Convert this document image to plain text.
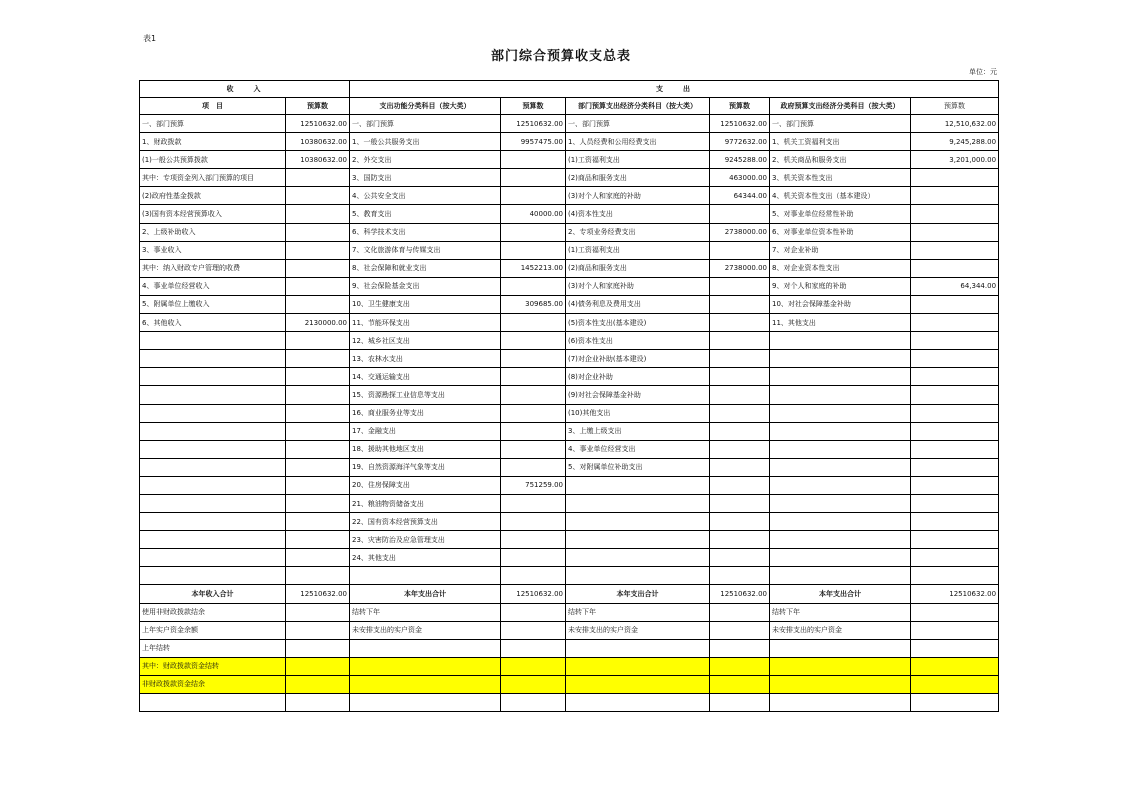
表1
部门综合预算收支总表
单位：元
收　　入		支　　出					
项　目	预算数	支出功能分类科目（按大类）	预算数	部门预算支出经济分类科目（按大类）	预算数	政府预算支出经济分类科目（按大类）	预算数
一、部门预算	12510632.00	一、部门预算	12510632.00	一、部门预算	12510632.00	一、部门预算	12,510,632.00
1、财政拨款	10380632.00	1、一般公共服务支出	9957475.00	1、人员经费和公用经费支出	9772632.00	1、机关工资福利支出	9,245,288.00
(1)一般公共预算拨款	10380632.00	2、外交支出		(1)工资福利支出	9245288.00	2、机关商品和服务支出	3,201,000.00
其中：专项资金列入部门预算的项目		3、国防支出		(2)商品和服务支出	463000.00	3、机关资本性支出	
(2)政府性基金拨款		4、公共安全支出		(3)对个人和家庭的补助	64344.00	4、机关资本性支出（基本建设）	
(3)国有资本经营预算收入		5、教育支出	40000.00	(4)资本性支出		5、对事业单位经常性补助	
2、上级补助收入		6、科学技术支出		2、专项业务经费支出	2738000.00	6、对事业单位资本性补助	
3、事业收入		7、文化旅游体育与传媒支出		(1)工资福利支出		7、对企业补助	
其中：纳入财政专户管理的收费		8、社会保障和就业支出	1452213.00	(2)商品和服务支出	2738000.00	8、对企业资本性支出	
4、事业单位经营收入		9、社会保险基金支出		(3)对个人和家庭补助		9、对个人和家庭的补助	64,344.00
5、附属单位上缴收入		10、卫生健康支出	309685.00	(4)债务利息及费用支出		10、对社会保障基金补助	
6、其他收入	2130000.00	11、节能环保支出		(5)资本性支出(基本建设)		11、其他支出	
		12、城乡社区支出		(6)资本性支出			
		13、农林水支出		(7)对企业补助(基本建设)			
		14、交通运输支出		(8)对企业补助			
		15、资源勘探工业信息等支出		(9)对社会保障基金补助			
		16、商业服务业等支出		(10)其他支出			
		17、金融支出		3、上缴上级支出			
		18、援助其他地区支出		4、事业单位经营支出			
		19、自然资源海洋气象等支出		5、对附属单位补助支出			
		20、住房保障支出	751259.00				
		21、粮油物资储备支出					
		22、国有资本经营预算支出					
		23、灾害防治及应急管理支出					
		24、其他支出					

本年收入合计	12510632.00	本年支出合计	12510632.00	本年支出合计	12510632.00	本年支出合计	12510632.00
使用非财政拨款结余		结转下年		结转下年		结转下年	
上年实户资金余额		未安排支出的实户资金		未安排支出的实户资金		未安排支出的实户资金	
上年结转							
其中：财政拨款资金结转							
非财政拨款资金结余							
